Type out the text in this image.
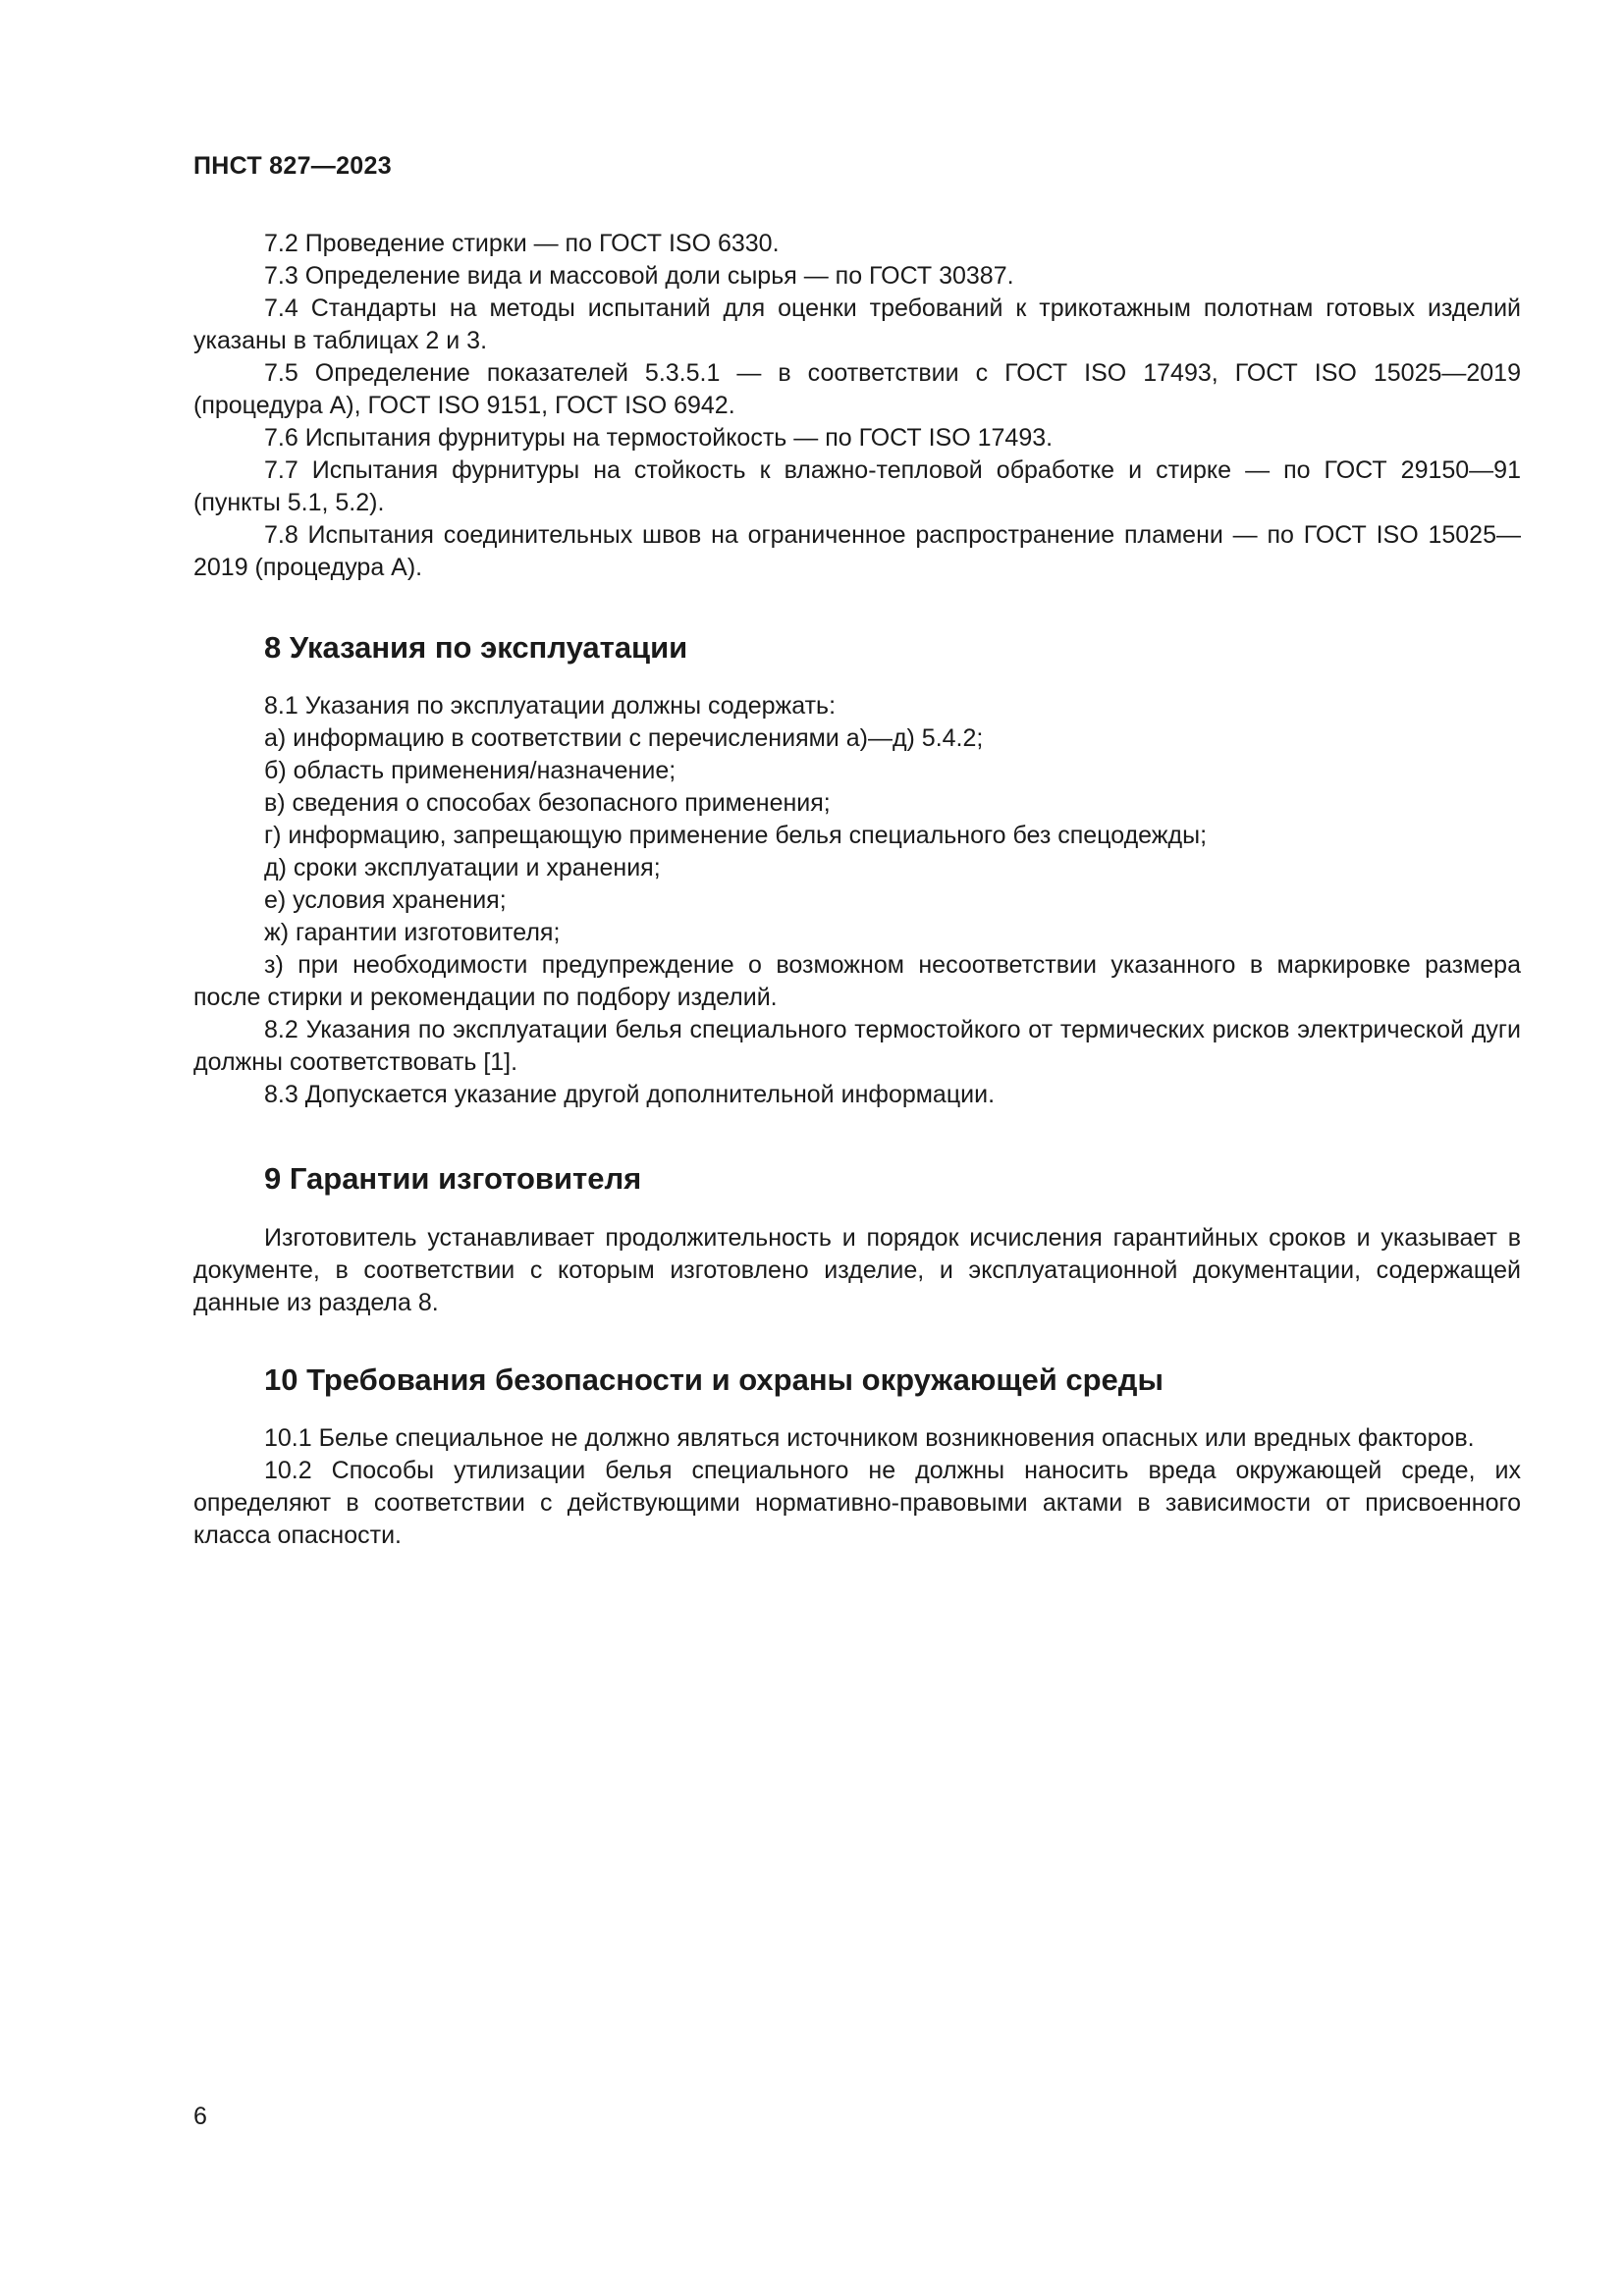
ПНСТ 827—2023

7.2 Проведение стирки — по ГОСТ ISO 6330.

7.3 Определение вида и массовой доли сырья — по ГОСТ 30387.

7.4 Стандарты на методы испытаний для оценки требований к трикотажным полотнам готовых изделий указаны в таблицах 2 и 3.

7.5 Определение показателей 5.3.5.1 — в соответствии с ГОСТ ISO 17493, ГОСТ ISO 15025—2019 (процедура А), ГОСТ ISO 9151, ГОСТ ISO 6942.

7.6 Испытания фурнитуры на термостойкость — по ГОСТ ISO 17493.

7.7 Испытания фурнитуры на стойкость к влажно-тепловой обработке и стирке — по ГОСТ 29150—91 (пункты 5.1, 5.2).

7.8 Испытания соединительных швов на ограниченное распространение пламени — по ГОСТ ISO 15025—2019 (процедура А).

8 Указания по эксплуатации

8.1 Указания по эксплуатации должны содержать:

а) информацию в соответствии с перечислениями а)—д) 5.4.2;

б) область применения/назначение;

в) сведения о способах безопасного применения;

г) информацию, запрещающую применение белья специального без спецодежды;

д) сроки эксплуатации и хранения;

е) условия хранения;

ж) гарантии изготовителя;

з) при необходимости предупреждение о возможном несоответствии указанного в маркировке размера после стирки и рекомендации по подбору изделий.

8.2 Указания по эксплуатации белья специального термостойкого от термических рисков электрической дуги должны соответствовать [1].

8.3 Допускается указание другой дополнительной информации.

9 Гарантии изготовителя

Изготовитель устанавливает продолжительность и порядок исчисления гарантийных сроков и указывает в документе, в соответствии с которым изготовлено изделие, и эксплуатационной документации, содержащей данные из раздела 8.

10 Требования безопасности и охраны окружающей среды

10.1 Белье специальное не должно являться источником возникновения опасных или вредных факторов.

10.2 Способы утилизации белья специального не должны наносить вреда окружающей среде, их определяют в соответствии с действующими нормативно-правовыми актами в зависимости от присвоенного класса опасности.

6
